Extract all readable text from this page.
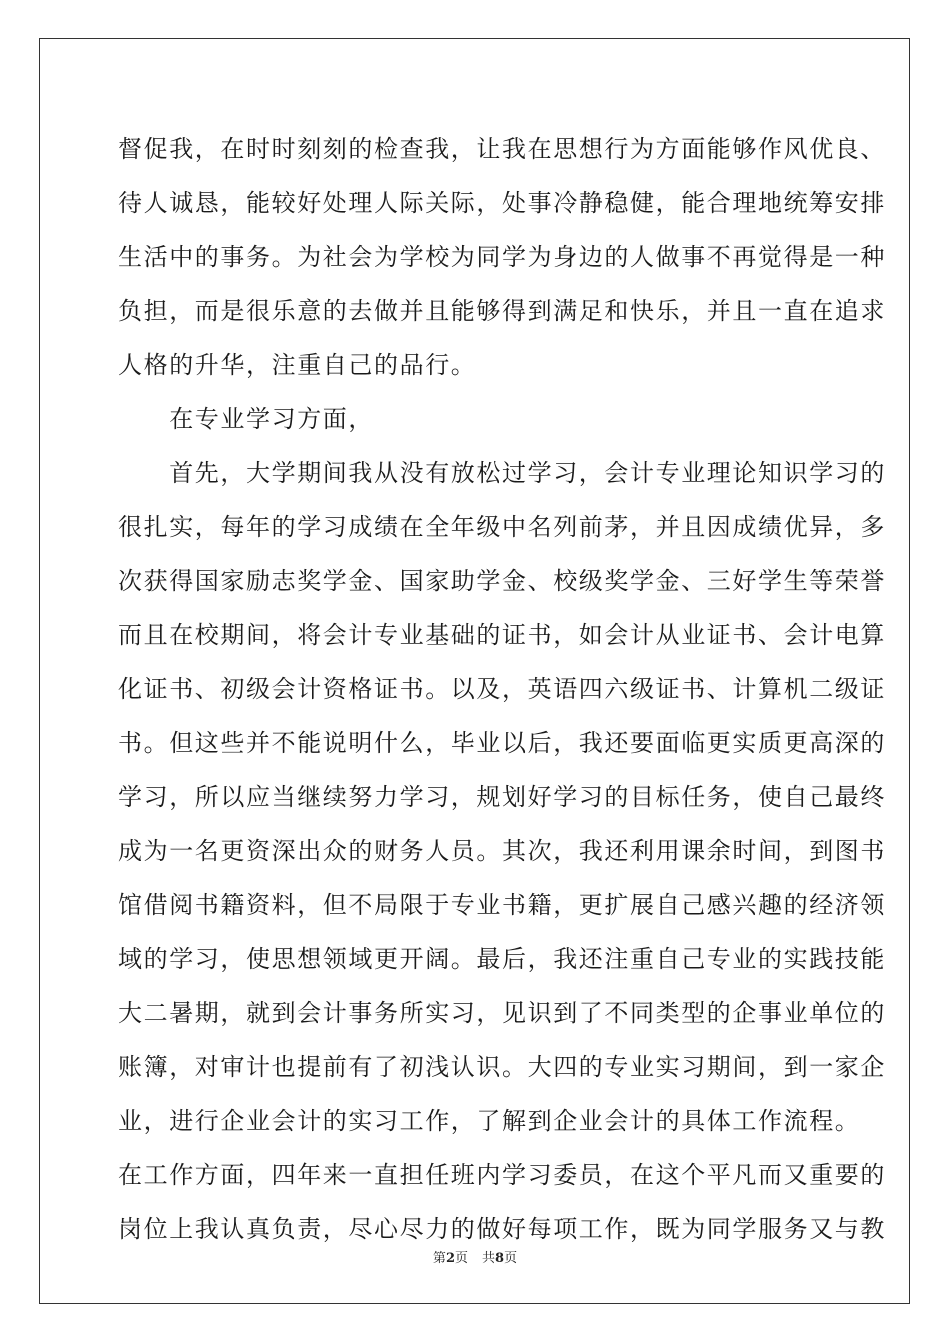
督促我，在时时刻刻的检查我，让我在思想行为方面能够作风优良、
待人诚恳，能较好处理人际关际，处事冷静稳健，能合理地统筹安排
生活中的事务。为社会为学校为同学为身边的人做事不再觉得是一种
负担，而是很乐意的去做并且能够得到满足和快乐，并且一直在追求
人格的升华，注重自己的品行。
　　在专业学习方面，
　　首先，大学期间我从没有放松过学习，会计专业理论知识学习的
很扎实，每年的学习成绩在全年级中名列前茅，并且因成绩优异，多
次获得国家励志奖学金、国家助学金、校级奖学金、三好学生等荣誉
而且在校期间，将会计专业基础的证书，如会计从业证书、会计电算
化证书、初级会计资格证书。以及，英语四六级证书、计算机二级证
书。但这些并不能说明什么，毕业以后，我还要面临更实质更高深的
学习，所以应当继续努力学习，规划好学习的目标任务，使自己最终
成为一名更资深出众的财务人员。其次，我还利用课余时间，到图书
馆借阅书籍资料，但不局限于专业书籍，更扩展自己感兴趣的经济领
域的学习，使思想领域更开阔。最后，我还注重自己专业的实践技能
大二暑期，就到会计事务所实习，见识到了不同类型的企事业单位的
账簿，对审计也提前有了初浅认识。大四的专业实习期间，到一家企
业，进行企业会计的实习工作，了解到企业会计的具体工作流程。
在工作方面，四年来一直担任班内学习委员，在这个平凡而又重要的
岗位上我认真负责，尽心尽力的做好每项工作，既为同学服务又与教
第2页 共8页
